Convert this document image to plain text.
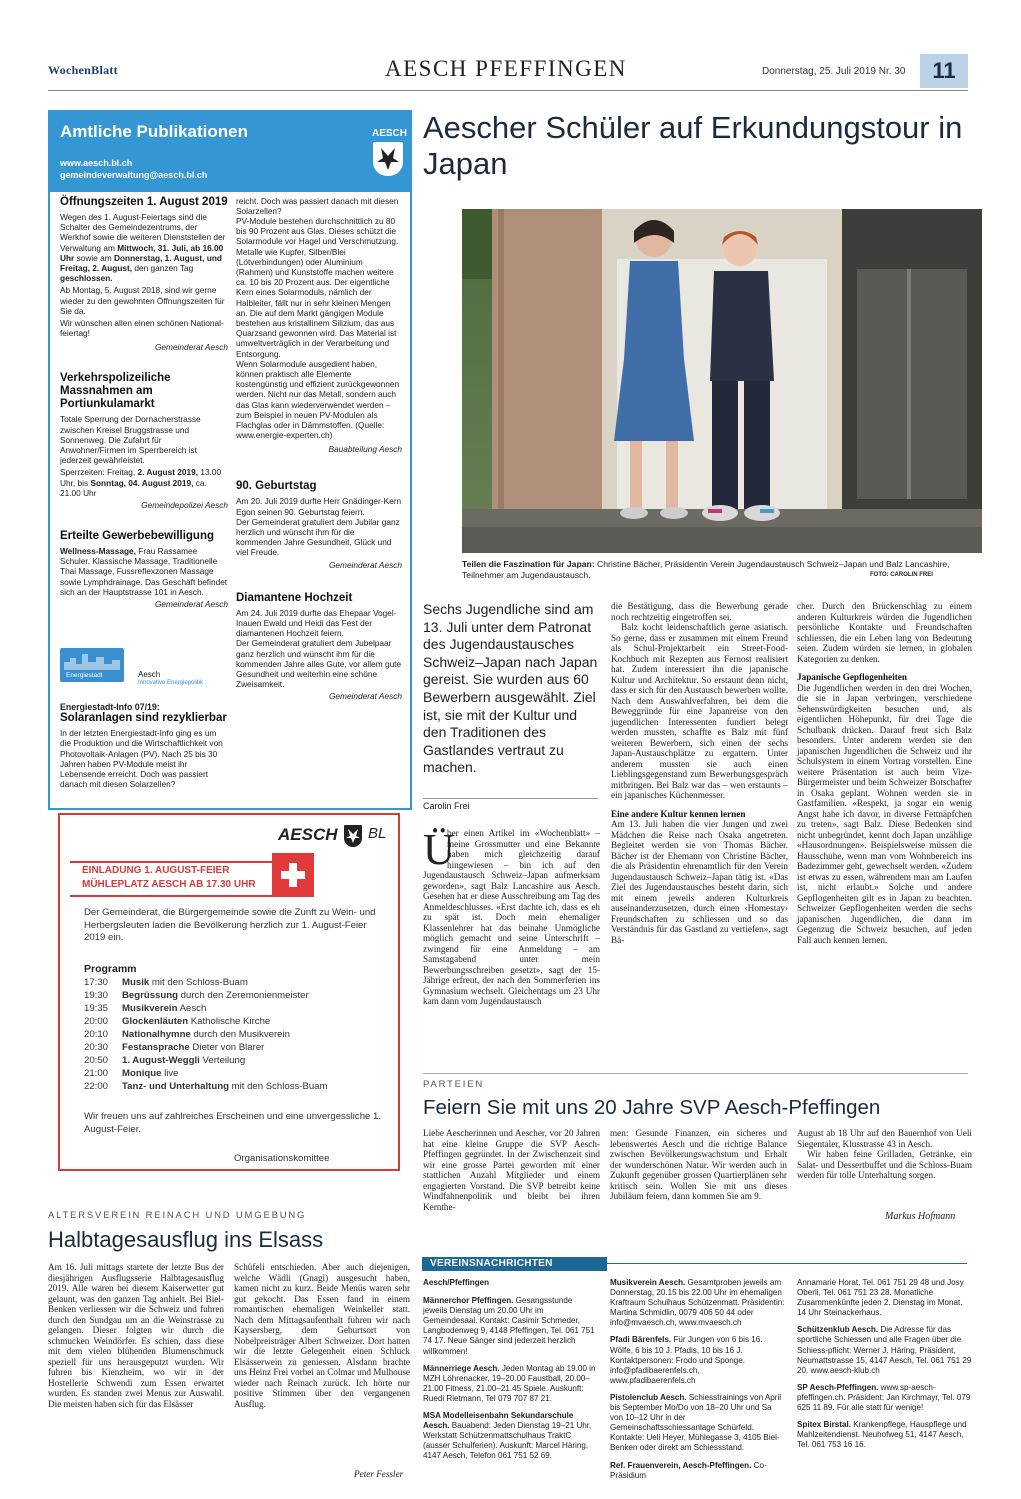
WochenBlatt	AESCH PFEFFINGEN	Donnerstag, 25. Juli 2019 Nr. 30	11
Amtliche Publikationen	AESCH
www.aesch.bl.ch
gemeindeverwaltung@aesch.bl.ch
Öffnungszeiten 1. August 2019
Wegen des 1. August-Feiertags sind die Schalter des Gemeindezentrums, der Werkhof sowie die weiteren Dienststellen der Verwaltung am Mittwoch, 31. Juli, ab 16.00 Uhr sowie am Donnerstag, 1. August, und Freitag, 2. August, den ganzen Tag geschlossen.
Ab Montag, 5. August 2018, sind wir gerne wieder zu den gewohnten Öffnungszeiten für Sie da.
Wir wünschen allen einen schönen National-feiertag!
Gemeinderat Aesch
Verkehrspolizeiliche Massnahmen am Portiunkulamarkt
Totale Sperrung der Dornacherstrasse zwischen Kreisel Bruggstrasse und Sonnenweg. Die Zufahrt für Anwohner/Firmen im Sperrbereich ist jederzeit gewährleistet.
Sperrzeiten: Freitag, 2. August 2019, 13.00 Uhr, bis Sonntag, 04. August 2019, ca. 21.00 Uhr
Gemeindepolizei Aesch
Erteilte Gewerbebewilligung
Wellness-Massage, Frau Rassamee Schuler. Klassische Massage, Traditionelle Thai Massage, Fussreflexzonen Massage sowie Lymphdrainage. Das Geschäft befindet sich an der Hauptstrasse 101 in Aesch.
Gemeinderat Aesch
Energiestadt	Aesch
Innovative Energiepolitik
Energiestadt-Info 07/19:
Solaranlagen sind rezyklierbar
In der letzten Energiestadt-Info ging es um die Produktion und die Wirtschaftlichkeit von Photovoltaik-Anlagen (PV). Nach 25 bis 30 Jahren haben PV-Module meist ihr Lebensende erreicht. Doch was passiert danach mit diesen Solarzellen?
reicht. Doch was passiert danach mit diesen Solarzellen?
PV-Module bestehen durchschnittlich zu 80 bis 90 Prozent aus Glas. Dieses schützt die Solarmodule vor Hagel und Verschmutzung. Metalle wie Kupfer, Silber/Blei (Lötverbindungen) oder Aluminium (Rahmen) und Kunststoffe machen weitere ca. 10 bis 20 Prozent aus. Der eigentliche Kern eines Solarmoduls, nämlich der Halbleiter, fällt nur in sehr kleinen Mengen an. Die auf dem Markt gängigen Module bestehen aus kristallinem Silizium, das aus Quarzsand gewonnen wird. Das Material ist umweltverträglich in der Verarbeitung und Entsorgung.
Wenn Solarmodule ausgedient haben, können praktisch alle Elemente kostengünstig und effizient zurückgewonnen werden. Nicht nur das Metall, sondern auch das Glas kann wiederverwendet werden – zum Beispiel in neuen PV-Modulen als Flachglas oder in Dämmstoffen. (Quelle: www.energie-experten.ch)
Bauabteilung Aesch
90. Geburtstag
Am 20. Juli 2019 durfte Herr Gnädinger-Kern Egon seinen 90. Geburtstag feiern.
Der Gemeinderat gratuliert dem Jubilar ganz herzlich und wünscht ihm für die kommenden Jahre Gesundheit, Glück und viel Freude.
Gemeinderat Aesch
Diamantene Hochzeit
Am 24. Juli 2019 durfte das Ehepaar Vogel-Inauen Ewald und Heidi das Fest der diamantenen Hochzeit feiern.
Der Gemeinderat gratuliert dem Jubelpaar ganz herzlich und wünscht ihm für die kommenden Jahre alles Gute, vor allem gute Gesundheit und weiterhin eine schöne Zweisamkeit.
Gemeinderat Aesch
AESCH BL
EINLADUNG 1. AUGUST-FEIER
MÜHLEPLATZ AESCH AB 17.30 UHR
Der Gemeinderat, die Bürgergemeinde sowie die Zunft zu Wein- und Herbergsleuten laden die Bevölkerung herzlich zur 1. August-Feier 2019 ein.
Programm
17:30 Musik mit den Schloss-Buam
19:30 Begrüssung durch den Zeremonienmeister
19:35 Musikverein Aesch
20:00 Glockenläuten Katholische Kirche
20:10 Nationalhymne durch den Musikverein
20:30 Festansprache Dieter von Blarer
20:50 1. August-Weggli Verteilung
21:00 Monique live
22:00 Tanz- und Unterhaltung mit den Schloss-Buam
Wir freuen uns auf zahlreiches Erscheinen und eine unvergessliche 1. August-Feier.
Organisationskomittee
Aescher Schüler auf Erkundungstour in Japan
Teilen die Faszination für Japan: Christine Bächer, Präsidentin Verein Jugendaustausch Schweiz–Japan und Balz Lancashire, Teilnehmer am Jugendaustausch.	FOTO: CAROLIN FREI
Sechs Jugendliche sind am 13. Juli unter dem Patronat des Jugendaustausches Schweiz–Japan nach Japan gereist. Sie wurden aus 60 Bewerbern ausgewählt. Ziel ist, sie mit der Kultur und den Traditionen des Gastlandes vertraut zu machen.
Carolin Frei
Ü
ber einen Artikel im «Wochenblatt» – meine Grossmutter und eine Bekannte haben mich gleichzeitig darauf hingewiesen – bin ich auf den Jugendaustausch Schweiz–Japan aufmerksam geworden», sagt Balz Lancashire aus Aesch. Gesehen hat er diese Ausschreibung am Tag des Anmeldeschlusses. «Erst dachte ich, dass es eh zu spät ist. Doch mein ehemaliger Klassenlehrer hat das beinahe Unmögliche möglich gemacht und seine Unterschrift – zwingend für eine Anmeldung – am Samstagabend unter mein Bewerbungsschreiben gesetzt», sagt der 15-Jährige erfreut, der nach den Sommerferien ins Gymnasium wechselt. Gleichentags um 23 Uhr kam dann vom Jugendaustausch
die Bestätigung, dass die Bewerbung gerade noch rechtzeitig eingetroffen sei.
Balz kocht leidenschaftlich gerne asiatisch. So gerne, dass er zusammen mit einem Freund als Schul-Projektarbeit ein Street-Food-Kochbuch mit Rezepten aus Fernost realisiert hat. Zudem interessiert ihn die japanische Kultur und Architektur. So erstaunt denn nicht, dass er sich für den Austausch bewerben wollte. Nach dem Auswahlverfahren, bei dem die Beweggründe für eine Japanreise von den jugendlichen Interessenten fundiert belegt werden mussten, schaffte es Balz mit fünf weiteren Bewerbern, sich einen der sechs Japan-Austauschplätze zu ergattern. Unter anderem mussten sie auch einen Lieblingsgegenstand zum Bewerbungsgespräch mitbringen. Bei Balz war das – wen erstaunts – ein japanisches Küchenmesser.
Eine andere Kultur kennen lernen
Am 13. Juli haben die vier Jungen und zwei Mädchen die Reise nach Osaka angetreten. Begleitet werden sie von Thomas Bächer. Bächer ist der Ehemann von Christine Bächer, die als Präsidentin ehrenamtlich für den Verein Jugendaustausch Schweiz–Japan tätig ist. «Das Ziel des Jugendaustausches besteht darin, sich mit einem jeweils anderen Kulturkreis auseinanderzusetzen, durch einen ‹Homestay› Freundschaften zu schliessen und so das Verständnis für das Gastland zu vertiefen», sagt Bä-
cher. Durch den Brückenschlag zu einem anderen Kulturkreis würden die Jugendlichen persönliche Kontakte und Freundschaften schliessen, die ein Leben lang von Bedeutung seien. Zudem würden sie lernen, in globalen Kategorien zu denken.
Japanische Gepflogenheiten
Die Jugendlichen werden in den drei Wochen, die sie in Japan verbringen, verschiedene Sehenswürdigkeiten besuchen und, als eigentlichen Höhepunkt, für drei Tage die Schulbank drücken. Darauf freut sich Balz besonders. Unter anderem werden sie den japanischen Jugendlichen die Schweiz und ihr Schulsystem in einem Vortrag vorstellen. Eine weitere Präsentation ist auch beim Vize-Bürgermeister und beim Schweizer Botschafter in Osaka geplant. Wohnen werden sie in Gastfamilien. «Respekt, ja sogar ein wenig Angst habe ich davor, in diverse Fettnäpfchen zu treten», sagt Balz. Diese Bedenken sind nicht unbegründet, kennt doch Japan unzählige «Hausordnungen». Beispielsweise müssen die Hausschuhe, wenn man vom Wohnbereich ins Badezimmer geht, gewechselt werden. «Zudem ist etwas zu essen, währendem man am Laufen ist, nicht erlaubt.» Solche und andere Gepflogenheiten gilt es in Japan zu beachten. Schweizer Gepflogenheiten werden die sechs japanischen Jugendlichen, die dann im Gegenzug die Schweiz besuchen, auf jeden Fall auch kennen lernen.
PARTEIEN
Feiern Sie mit uns 20 Jahre SVP Aesch-Pfeffingen
Liebe Aescherinnen und Aescher, vor 20 Jahren hat eine kleine Gruppe die SVP Aesch-Pfeffingen gegründet. In der Zwischenzeit sind wir eine grosse Partei geworden mit einer stattlichen Anzahl Mitglieder und einem engagierten Vorstand. Die SVP betreibt keine Windfahnenpolitik und bleibt bei ihren Kernthe-
men: Gesunde Finanzen, ein sicheres und lebenswertes Aesch und die richtige Balance zwischen Bevölkerungswachstum und Erhalt der wunderschönen Natur. Wir werden auch in Zukunft gegenüber grossen Quartierplänen sehr kritisch sein. Wollen Sie mit uns dieses Jubiläum feiern, dann kommen Sie am 9.
August ab 18 Uhr auf den Bauernhof von Ueli Siegentaler, Klusstrasse 43 in Aesch.
Wir haben feine Grilladen, Getränke, ein Salat- und Dessertbuffet und die Schloss-Buam werden für tolle Unterhaltung sorgen.
Markus Hofmann
ALTERSVEREIN REINACH UND UMGEBUNG
Halbtagesausflug ins Elsass
Am 16. Juli mittags startete der letzte Bus der diesjährigen Ausflugsserie Halbtagesausflug 2019. Alle waren bei diesem Kaiserwetter gut gelaunt, was den ganzen Tag anhielt. Bei Biel-Benken verliessen wir die Schweiz und fuhren durch den Sundgau um an die Weinstrasse zu gelangen. Dieser folgten wir durch die schmucken Weindörfer. Es schien, dass diese mit dem vielen blühenden Blumenschmuck speziell für uns herausgeputzt wurden. Wir fuhren bis Kienzheim, wo wir in der Hostellerie Schwendi zum Essen erwartet wurden. Es standen zwei Menus zur Auswahl. Die meisten haben sich für das Elsässer
Schüfeli entschieden. Aber auch diejenigen, welche Wädli (Gnagi) ausgesucht haben, kamen nicht zu kurz. Beide Menüs waren sehr gut gekocht. Das Essen fand in einem romantischen ehemaligen Weinkeller statt. Nach dem Mittagsaufenthalt fuhren wir nach Kaysersberg, dem Geburtsort von Nobelpreisträger Albert Schweizer. Dort hatten wir die letzte Gelegenheit einen Schluck Elsässerwein zu geniessen. Alsdann brachte uns Heinz Frei vorbei an Colmar und Mulhouse wieder nach Reinach zurück. Ich hörte nur positive Stimmen über den vergangenen Ausflug.
Peter Fessler
VEREINSNACHRICHTEN
Aesch/Pfeffingen
Männerchor Pfeffingen. Gesangsstunde jeweils Dienstag um 20.00 Uhr im Gemeindesaal. Kontakt: Casimir Schmeder, Langbodenweg 9, 4148 Pfeffingen, Tel. 061 751 74 17. Neue Sänger sind jederzeit herzlich willkommen!
Männerriege Aesch. Jeden Montag ab 19.00 in MZH Löhrenacker, 19–20.00 Faustball, 20.00–21.00 Fitness, 21.00–21.45 Spiele. Auskunft: Ruedi Rietmann, Tel 079 707 87 21.
MSA Modelleisenbahn Sekundarschule Aesch. Bauabend: Jeden Dienstag 19–21 Uhr, Werkstatt Schützenmattschulhaus TraktC (ausser Schulferien). Auskunft: Marcel Häring, 4147 Aesch, Telefon 061 751 52 69.
Musikverein Aesch. Gesamtproben jeweils am Donnerstag, 20.15 bis 22.00 Uhr im ehemaligen Kraftraum Schulhaus Schützenmatt. Präsidentin: Martina Schmidlin, 0079 406 50 44 oder info@mvaesch.ch, www.mvaesch.ch
Pfadi Bärenfels. Für Jungen von 6 bis 16. Wölfe, 6 bis 10 J. Pfadis, 10 bis 16 J. Kontaktpersonen: Frodo und Sponge. info@pfadibaerenfels.ch, www.pfadibaerenfels.ch
Pistolenclub Aesch. Schiesstrainings von April bis September Mo/Do von 18–20 Uhr und Sa von 10–12 Uhr in der Gemeinschaftsschiessanlage Schürfeld. Kontakte: Ueli Heyer, Mühlegasse 3, 4105 Biel-Benken oder direkt am Schiessstand.
Ref. Frauenverein, Aesch-Pfeffingen. Co-Präsidium
Annamarie Horat, Tel. 061 751 29 48 und Josy Oberli, Tel. 061 751 23 28. Monatliche Zusammenkünfte jeden 2. Dienstag im Monat, 14 Uhr Steinackerhaus.
Schützenklub Aesch. Die Adresse für das sportliche Schiessen und alle Fragen über die Schiess-pflicht: Werner J. Häring, Präsident, Neumattstrasse 15, 4147 Aesch, Tel. 061 751 29 20. www.aesch-klub.ch
SP Aesch-Pfeffingen. www.sp-aesch-pfeffingen.ch. Präsident: Jan Kirchmayr, Tel. 079 625 11 89. Für alle statt für wenige!
Spitex Birstal. Krankenpflege, Hauspflege und Mahlzeitendienst. Neuhofweg 51, 4147 Aesch, Tel. 061 753 16 16.
